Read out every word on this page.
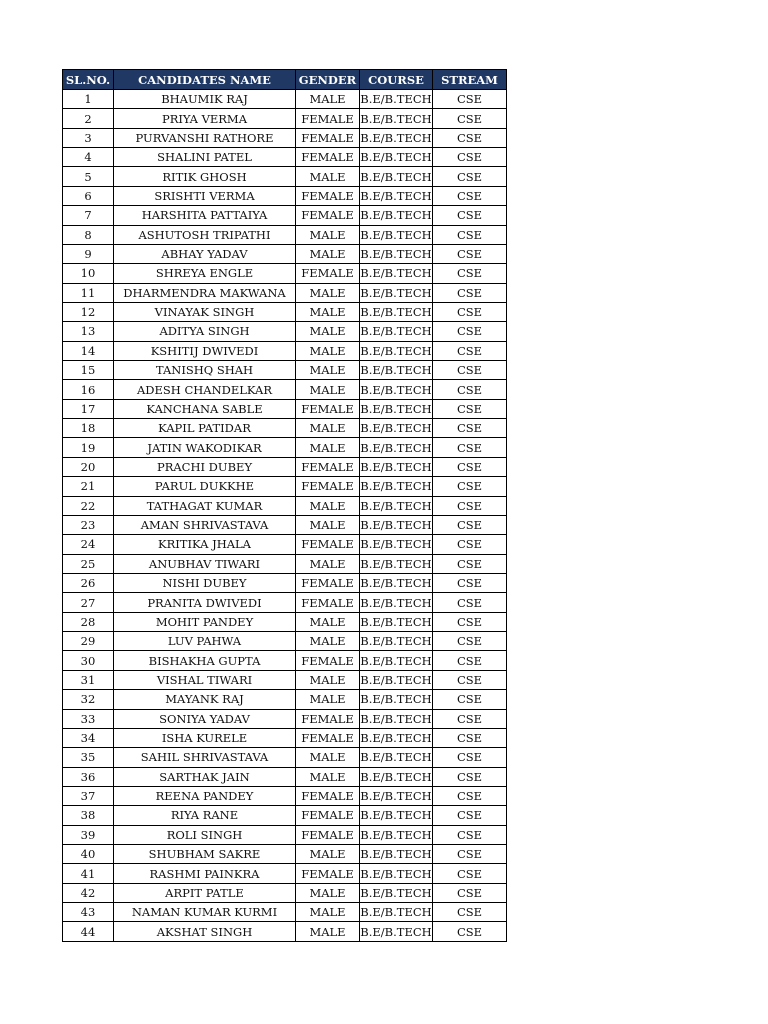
SL.NO.	CANDIDATES NAME	GENDER	COURSE	STREAM
1	BHAUMIK RAJ	MALE	B.E/B.TECH	CSE
2	PRIYA VERMA	FEMALE	B.E/B.TECH	CSE
3	PURVANSHI RATHORE	FEMALE	B.E/B.TECH	CSE
4	SHALINI PATEL	FEMALE	B.E/B.TECH	CSE
5	RITIK GHOSH	MALE	B.E/B.TECH	CSE
6	SRISHTI VERMA	FEMALE	B.E/B.TECH	CSE
7	HARSHITA PATTAIYA	FEMALE	B.E/B.TECH	CSE
8	ASHUTOSH TRIPATHI	MALE	B.E/B.TECH	CSE
9	ABHAY YADAV	MALE	B.E/B.TECH	CSE
10	SHREYA ENGLE	FEMALE	B.E/B.TECH	CSE
11	DHARMENDRA MAKWANA	MALE	B.E/B.TECH	CSE
12	VINAYAK SINGH	MALE	B.E/B.TECH	CSE
13	ADITYA SINGH	MALE	B.E/B.TECH	CSE
14	KSHITIJ DWIVEDI	MALE	B.E/B.TECH	CSE
15	TANISHQ SHAH	MALE	B.E/B.TECH	CSE
16	ADESH CHANDELKAR	MALE	B.E/B.TECH	CSE
17	KANCHANA SABLE	FEMALE	B.E/B.TECH	CSE
18	KAPIL PATIDAR	MALE	B.E/B.TECH	CSE
19	JATIN WAKODIKAR	MALE	B.E/B.TECH	CSE
20	PRACHI DUBEY	FEMALE	B.E/B.TECH	CSE
21	PARUL DUKKHE	FEMALE	B.E/B.TECH	CSE
22	TATHAGAT KUMAR	MALE	B.E/B.TECH	CSE
23	AMAN SHRIVASTAVA	MALE	B.E/B.TECH	CSE
24	KRITIKA JHALA	FEMALE	B.E/B.TECH	CSE
25	ANUBHAV TIWARI	MALE	B.E/B.TECH	CSE
26	NISHI DUBEY	FEMALE	B.E/B.TECH	CSE
27	PRANITA DWIVEDI	FEMALE	B.E/B.TECH	CSE
28	MOHIT PANDEY	MALE	B.E/B.TECH	CSE
29	LUV PAHWA	MALE	B.E/B.TECH	CSE
30	BISHAKHA GUPTA	FEMALE	B.E/B.TECH	CSE
31	VISHAL TIWARI	MALE	B.E/B.TECH	CSE
32	MAYANK RAJ	MALE	B.E/B.TECH	CSE
33	SONIYA YADAV	FEMALE	B.E/B.TECH	CSE
34	ISHA KURELE	FEMALE	B.E/B.TECH	CSE
35	SAHIL SHRIVASTAVA	MALE	B.E/B.TECH	CSE
36	SARTHAK JAIN	MALE	B.E/B.TECH	CSE
37	REENA PANDEY	FEMALE	B.E/B.TECH	CSE
38	RIYA RANE	FEMALE	B.E/B.TECH	CSE
39	ROLI SINGH	FEMALE	B.E/B.TECH	CSE
40	SHUBHAM SAKRE	MALE	B.E/B.TECH	CSE
41	RASHMI PAINKRA	FEMALE	B.E/B.TECH	CSE
42	ARPIT PATLE	MALE	B.E/B.TECH	CSE
43	NAMAN KUMAR KURMI	MALE	B.E/B.TECH	CSE
44	AKSHAT SINGH	MALE	B.E/B.TECH	CSE
